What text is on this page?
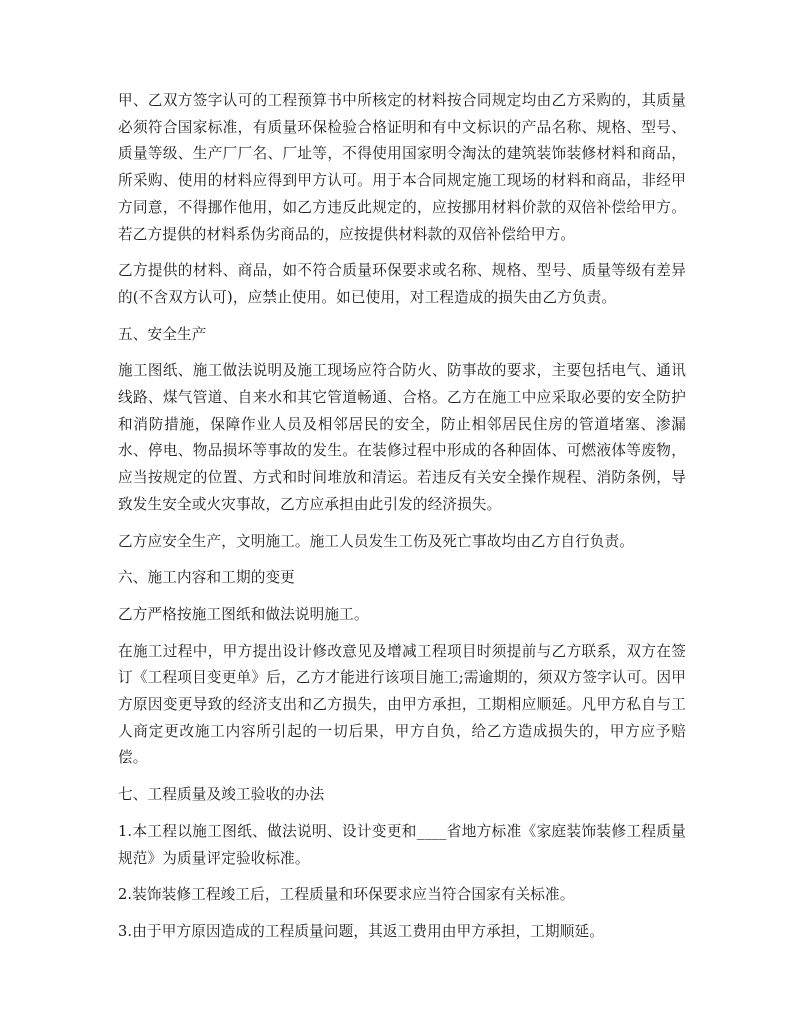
甲、乙双方签字认可的工程预算书中所核定的材料按合同规定均由乙方采购的，其质量必须符合国家标准，有质量环保检验合格证明和有中文标识的产品名称、规格、型号、质量等级、生产厂厂名、厂址等，不得使用国家明令淘汰的建筑装饰装修材料和商品，所采购、使用的材料应得到甲方认可。用于本合同规定施工现场的材料和商品，非经甲方同意，不得挪作他用，如乙方违反此规定的，应按挪用材料价款的双倍补偿给甲方。若乙方提供的材料系伪劣商品的，应按提供材料款的双倍补偿给甲方。

乙方提供的材料、商品，如不符合质量环保要求或名称、规格、型号、质量等级有差异的(不含双方认可)，应禁止使用。如已使用，对工程造成的损失由乙方负责。

五、安全生产

施工图纸、施工做法说明及施工现场应符合防火、防事故的要求，主要包括电气、通讯线路、煤气管道、自来水和其它管道畅通、合格。乙方在施工中应采取必要的安全防护和消防措施，保障作业人员及相邻居民的安全，防止相邻居民住房的管道堵塞、渗漏水、停电、物品损坏等事故的发生。在装修过程中形成的各种固体、可燃液体等废物，应当按规定的位置、方式和时间堆放和清运。若违反有关安全操作规程、消防条例，导致发生安全或火灾事故，乙方应承担由此引发的经济损失。

乙方应安全生产，文明施工。施工人员发生工伤及死亡事故均由乙方自行负责。

六、施工内容和工期的变更

乙方严格按施工图纸和做法说明施工。

在施工过程中，甲方提出设计修改意见及增减工程项目时须提前与乙方联系，双方在签订《工程项目变更单》后，乙方才能进行该项目施工;需逾期的，须双方签字认可。因甲方原因变更导致的经济支出和乙方损失，由甲方承担，工期相应顺延。凡甲方私自与工人商定更改施工内容所引起的一切后果，甲方自负，给乙方造成损失的，甲方应予赔偿。

七、工程质量及竣工验收的办法

1.本工程以施工图纸、做法说明、设计变更和____省地方标准《家庭装饰装修工程质量规范》为质量评定验收标准。

2.装饰装修工程竣工后，工程质量和环保要求应当符合国家有关标准。

3.由于甲方原因造成的工程质量问题，其返工费用由甲方承担，工期顺延。
